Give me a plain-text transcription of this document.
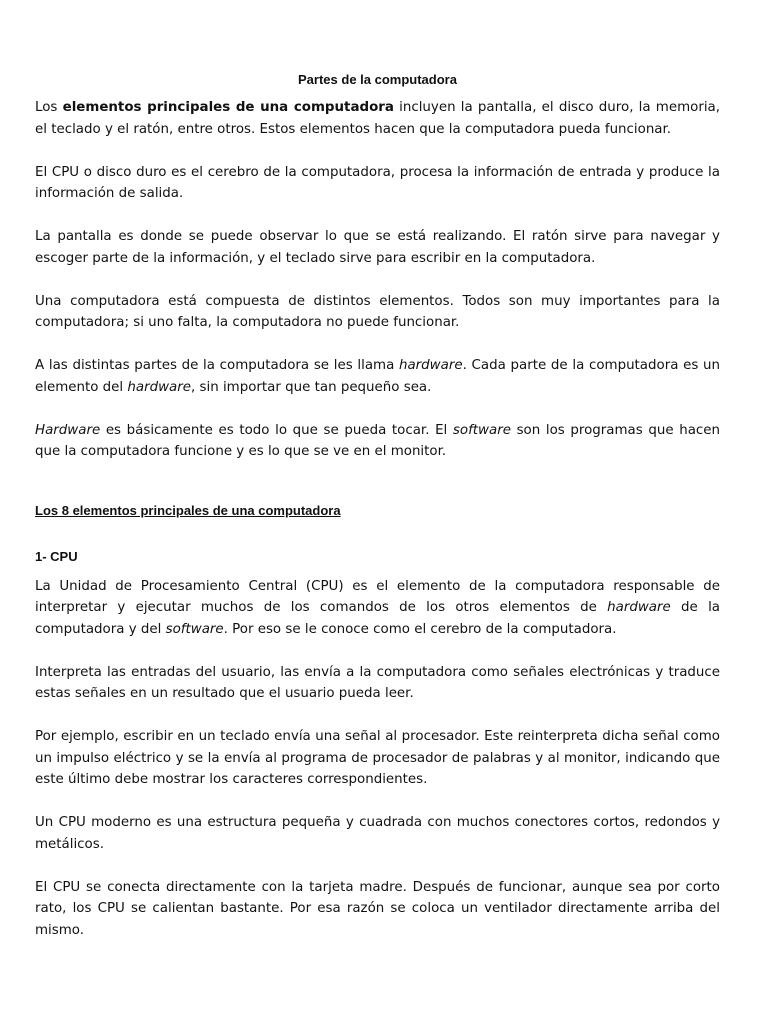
Partes de la computadora

Los elementos principales de una computadora incluyen la pantalla, el disco duro, la memoria, el teclado y el ratón, entre otros. Estos elementos hacen que la computadora pueda funcionar.

El CPU o disco duro es el cerebro de la computadora, procesa la información de entrada y produce la información de salida.

La pantalla es donde se puede observar lo que se está realizando. El ratón sirve para navegar y escoger parte de la información, y el teclado sirve para escribir en la computadora.

Una computadora está compuesta de distintos elementos. Todos son muy importantes para la computadora; si uno falta, la computadora no puede funcionar.

A las distintas partes de la computadora se les llama hardware. Cada parte de la computadora es un elemento del hardware, sin importar que tan pequeño sea.

Hardware es básicamente es todo lo que se pueda tocar. El software son los programas que hacen que la computadora funcione y es lo que se ve en el monitor.

Los 8 elementos principales de una computadora

1- CPU

La Unidad de Procesamiento Central (CPU) es el elemento de la computadora responsable de interpretar y ejecutar muchos de los comandos de los otros elementos de hardware de la computadora y del software. Por eso se le conoce como el cerebro de la computadora.

Interpreta las entradas del usuario, las envía a la computadora como señales electrónicas y traduce estas señales en un resultado que el usuario pueda leer.

Por ejemplo, escribir en un teclado envía una señal al procesador. Este reinterpreta dicha señal como un impulso eléctrico y se la envía al programa de procesador de palabras y al monitor, indicando que este último debe mostrar los caracteres correspondientes.

Un CPU moderno es una estructura pequeña y cuadrada con muchos conectores cortos, redondos y metálicos.

El CPU se conecta directamente con la tarjeta madre. Después de funcionar, aunque sea por corto rato, los CPU se calientan bastante. Por esa razón se coloca un ventilador directamente arriba del mismo.
